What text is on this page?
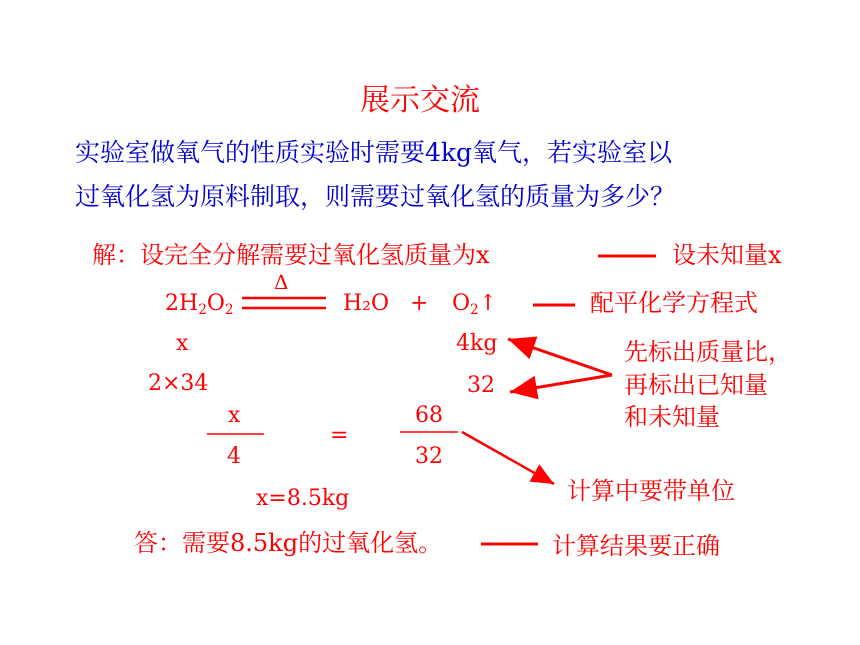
展示交流
实验室做氧气的性质实验时需要4kg氧气，若实验室以
过氧化氢为原料制取，则需要过氧化氢的质量为多少？
解：设完全分解需要过氧化氢质量为x	设未知量x
Δ
$2H_2O_2$	$H_2O + O_2↑$	配平化学方程式
x	4kg
2×34	32
先标出质量比，
再标出已知量
和未知量
x
4
=
68
32
x=8.5kg	计算中要带单位
答：需要8.5kg的过氧化氢。	计算结果要正确
